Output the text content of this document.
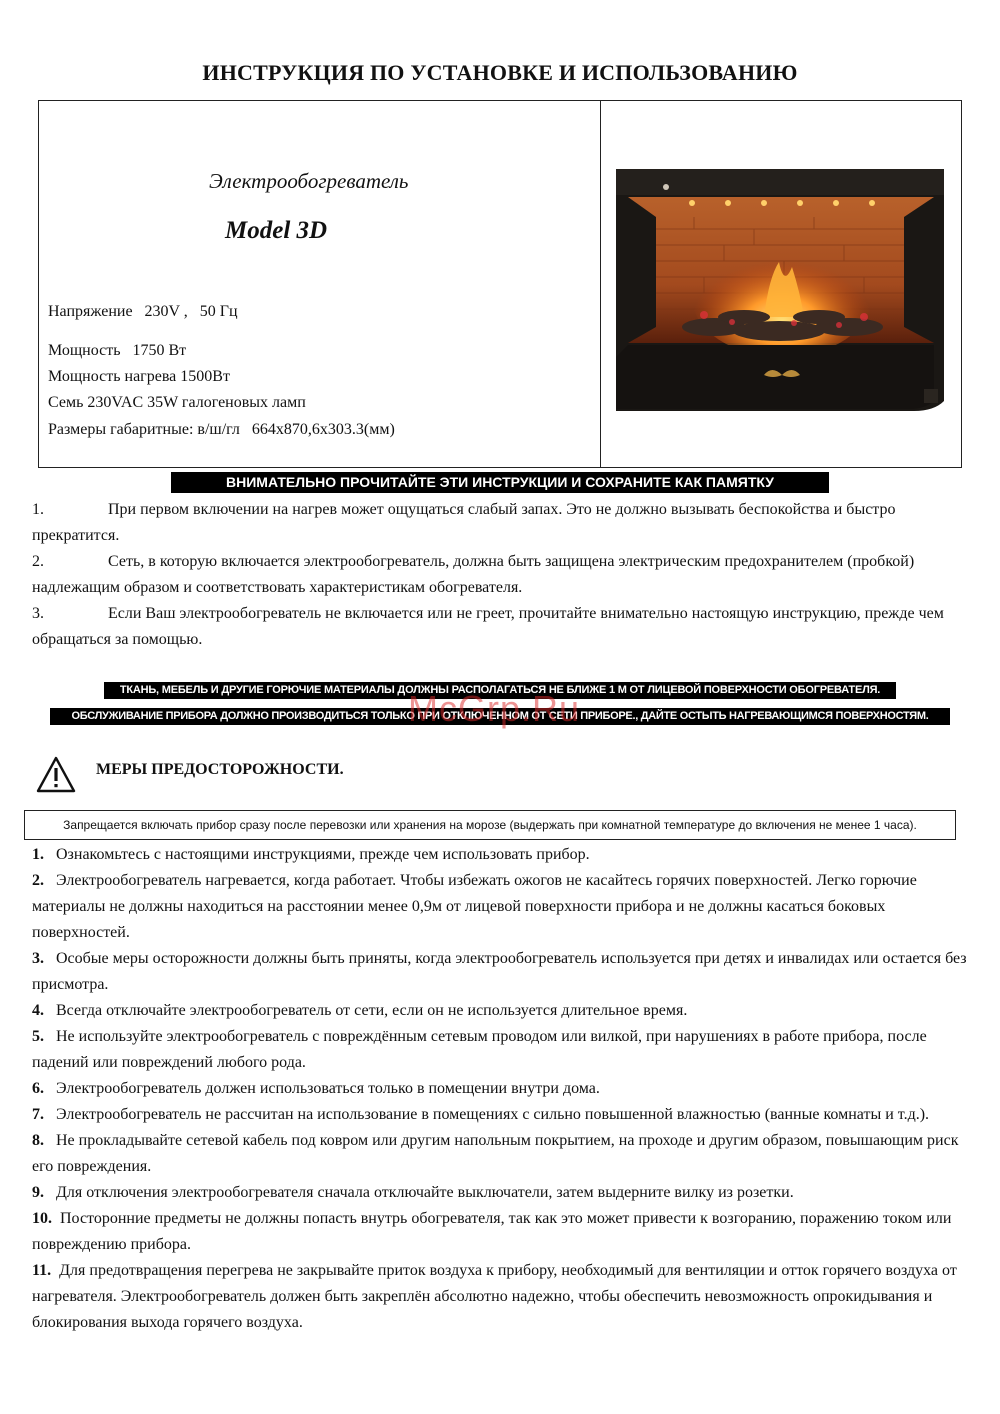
ИНСТРУКЦИЯ ПО УСТАНОВКЕ И ИСПОЛЬЗОВАНИЮ
Электрообогреватель
Model 3D
Напряжение   230V ,   50 Гц
Мощность   1750 Вт
Мощность нагрева 1500Вт
Семь 230VAC 35W галогеновых ламп
Размеры габаритные: в/ш/гл   664x870,6x303.3(мм)
ВНИМАТЕЛЬНО ПРОЧИТАЙТЕ ЭТИ ИНСТРУКЦИИ И СОХРАНИТЕ КАК ПАМЯТКУ
1.	При первом включении на нагрев может ощущаться слабый запах. Это не должно вызывать беспокойства и быстро прекратится.
2.	Сеть, в которую включается электрообогреватель, должна быть защищена электрическим предохранителем (пробкой) надлежащим образом и соответствовать характеристикам обогревателя.
3.	Если Ваш электрообогреватель не включается или не греет, прочитайте внимательно настоящую инструкцию, прежде чем обращаться за помощью.
ТКАНЬ, МЕБЕЛЬ И ДРУГИЕ ГОРЮЧИЕ МАТЕРИАЛЫ ДОЛЖНЫ РАСПОЛАГАТЬСЯ НЕ БЛИЖЕ 1 М ОТ ЛИЦЕВОЙ ПОВЕРХНОСТИ ОБОГРЕВАТЕЛЯ.
ОБСЛУЖИВАНИЕ ПРИБОРА ДОЛЖНО ПРОИЗВОДИТЬСЯ ТОЛЬКО ПРИ ОТКЛЮЧЕННОМ ОТ СЕТИ ПРИБОРЕ., ДАЙТЕ ОСТЫТЬ НАГРЕВАЮЩИМСЯ ПОВЕРХНОСТЯМ.
McGrp.Ru
МЕРЫ ПРЕДОСТОРОЖНОСТИ.
Запрещается включать прибор сразу после перевозки или хранения на морозе (выдержать при комнатной температуре до включения не менее 1 часа).

1. Ознакомьтесь с настоящими инструкциями, прежде чем использовать прибор.

2. Электрообогреватель нагревается, когда работает. Чтобы избежать ожогов не касайтесь горячих поверхностей. Легко горючие материалы не должны находиться на расстоянии менее 0,9м от лицевой поверхности прибора и не должны касаться боковых поверхностей.

3. Особые меры осторожности должны быть приняты, когда электрообогреватель используется при детях и инвалидах или остается без присмотра.

4. Всегда отключайте электрообогреватель от сети, если он не используется длительное время.

5. Не используйте электрообогреватель с повреждённым сетевым проводом или вилкой, при нарушениях в работе прибора, после падений или повреждений любого рода.

6. Электрообогреватель должен использоваться только в помещении внутри дома.

7. Электрообогреватель не рассчитан на использование в помещениях с сильно повышенной влажностью (ванные комнаты и т.д.).

8. Не прокладывайте сетевой кабель под ковром или другим напольным покрытием, на проходе и другим образом, повышающим риск его повреждения.

9. Для отключения электрообогревателя сначала отключайте выключатели, затем выдерните вилку из розетки.

10. Посторонние предметы не должны попасть внутрь обогревателя, так как это может привести к возгоранию, поражению током или повреждению прибора.

11. Для предотвращения перегрева не закрывайте приток воздуха к прибору, необходимый для вентиляции и отток горячего воздуха от нагревателя. Электрообогреватель должен быть закреплён абсолютно надежно, чтобы обеспечить невозможность опрокидывания и блокирования выхода горячего воздуха.
